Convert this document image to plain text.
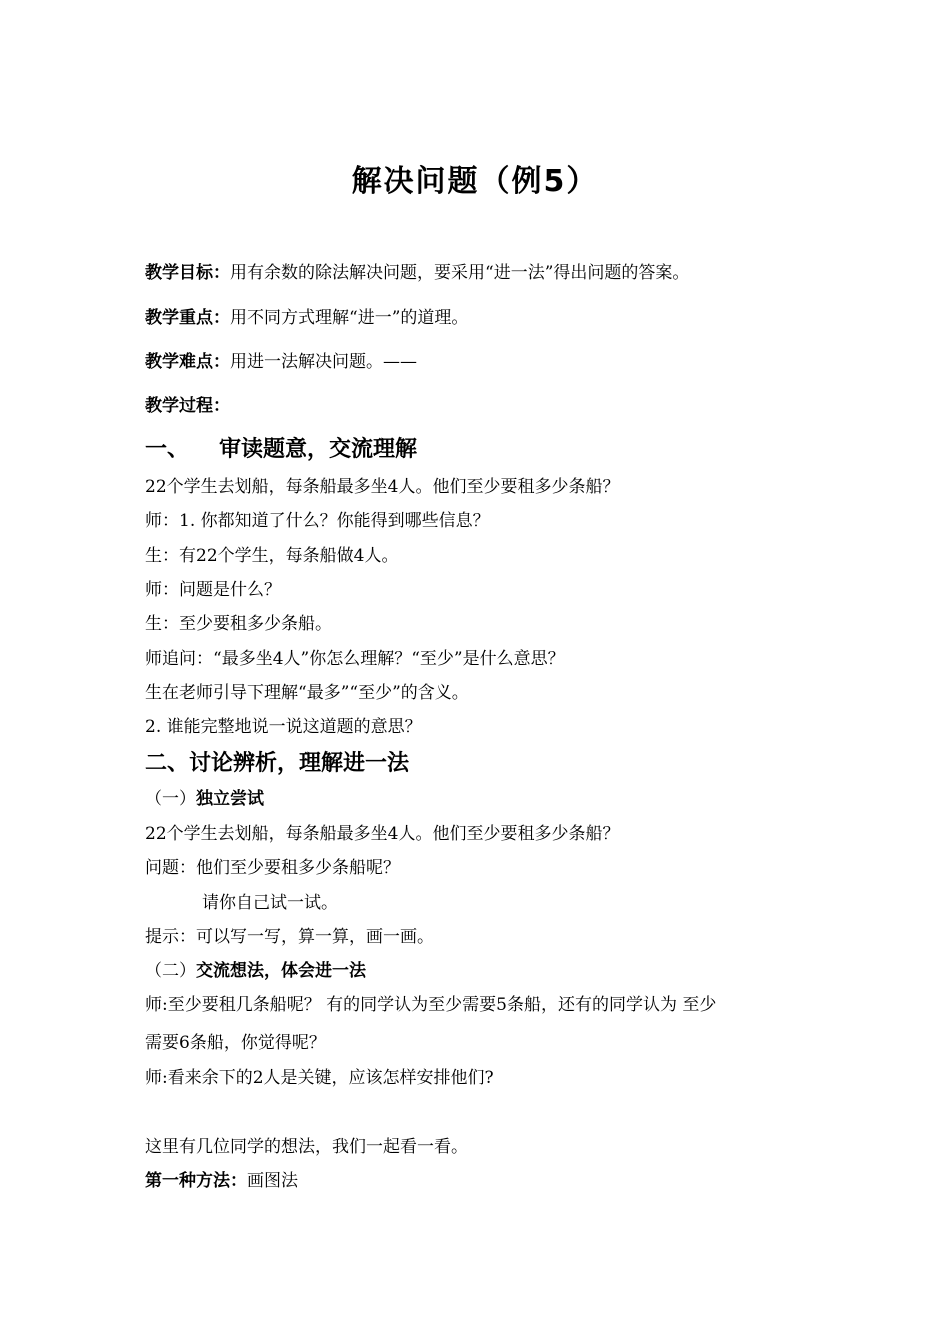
解决问题（例5）
教学目标：用有余数的除法解决问题，要采用“进一法”得出问题的答案。
教学重点：用不同方式理解“进一”的道理。
教学难点：用进一法解决问题。——
教学过程：
一、 审读题意，交流理解
22个学生去划船，每条船最多坐4人。他们至少要租多少条船？
师：1. 你都知道了什么？你能得到哪些信息？
生：有22个学生，每条船做4人。
师：问题是什么？
生：至少要租多少条船。
师追问：“最多坐4人”你怎么理解？“至少”是什么意思？
生在老师引导下理解“最多”“至少”的含义。
2. 谁能完整地说一说这道题的意思？
二、讨论辨析，理解进一法
（一）独立尝试
22个学生去划船，每条船最多坐4人。他们至少要租多少条船？
问题：他们至少要租多少条船呢？
请你自己试一试。
提示：可以写一写，算一算，画一画。
（二）交流想法，体会进一法
师:至少要租几条船呢？ 有的同学认为至少需要5条船，还有的同学认为 至少
需要6条船，你觉得呢？
师:看来余下的2人是关键，应该怎样安排他们?
这里有几位同学的想法，我们一起看一看。
第一种方法：画图法
